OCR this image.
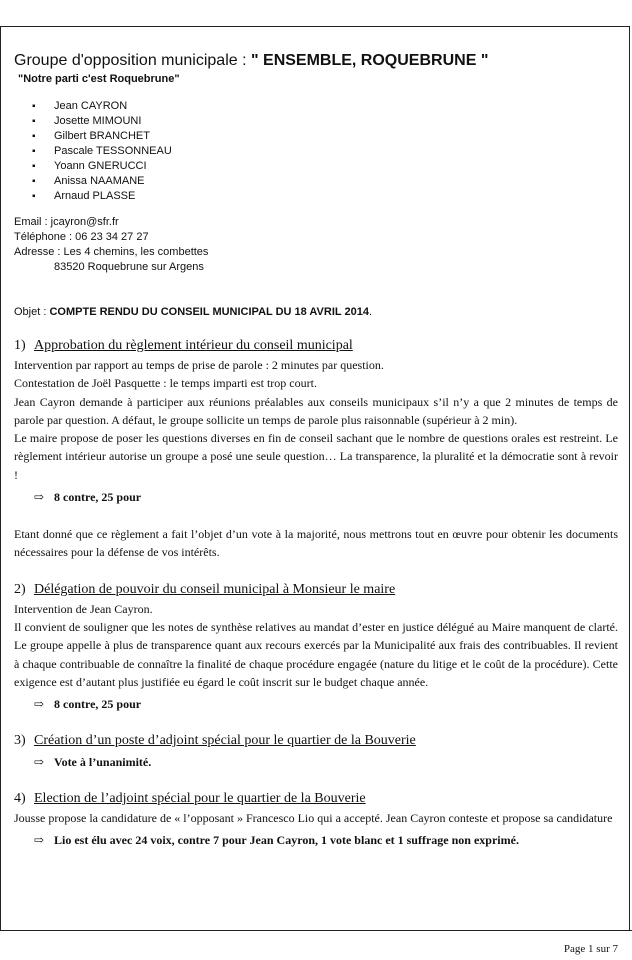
Groupe d'opposition municipale : " ENSEMBLE, ROQUEBRUNE "
"Notre parti c'est Roquebrune"
▪ Jean CAYRON
▪ Josette MIMOUNI
▪ Gilbert BRANCHET
▪ Pascale TESSONNEAU
▪ Yoann GNERUCCI
▪ Anissa NAAMANE
▪ Arnaud PLASSE
Email : jcayron@sfr.fr
Téléphone : 06 23 34 27 27
Adresse : Les 4 chemins, les combettes
83520 Roquebrune sur Argens
Objet : COMPTE RENDU DU CONSEIL MUNICIPAL DU 18 AVRIL 2014.
1) Approbation du règlement intérieur du conseil municipal

Intervention par rapport au temps de prise de parole : 2 minutes par question.

Contestation de Joël Pasquette : le temps imparti est trop court.

Jean Cayron demande à participer aux réunions préalables aux conseils municipaux s’il n’y a que 2 minutes de temps de parole par question. A défaut, le groupe sollicite un temps de parole plus raisonnable (supérieur à 2 min).

Le maire propose de poser les questions diverses en fin de conseil sachant que le nombre de questions orales est restreint. Le règlement intérieur autorise un groupe a posé une seule question… La transparence, la pluralité et la démocratie sont à revoir !

⇨ 8 contre, 25 pour

Etant donné que ce règlement a fait l’objet d’un vote à la majorité, nous mettrons tout en œuvre pour obtenir les documents nécessaires pour la défense de vos intérêts.

2) Délégation de pouvoir du conseil municipal à Monsieur le maire

Intervention de Jean Cayron.

Il convient de souligner que les notes de synthèse relatives au mandat d’ester en justice délégué au Maire manquent de clarté. Le groupe appelle à plus de transparence quant aux recours exercés par la Municipalité aux frais des contribuables. Il revient à chaque contribuable de connaître la finalité de chaque procédure engagée (nature du litige et le coût de la procédure). Cette exigence est d’autant plus justifiée eu égard le coût inscrit sur le budget chaque année.

⇨ 8 contre, 25 pour
3) Création d’un poste d’adjoint spécial pour le quartier de la Bouverie
⇨ Vote à l’unanimité.
4) Election de l’adjoint spécial pour le quartier de la Bouverie

Jousse propose la candidature de « l’opposant » Francesco Lio qui a accepté. Jean Cayron conteste et propose sa candidature

⇨ Lio est élu avec 24 voix, contre 7 pour Jean Cayron, 1 vote blanc et 1 suffrage non exprimé.
Page 1 sur 7
